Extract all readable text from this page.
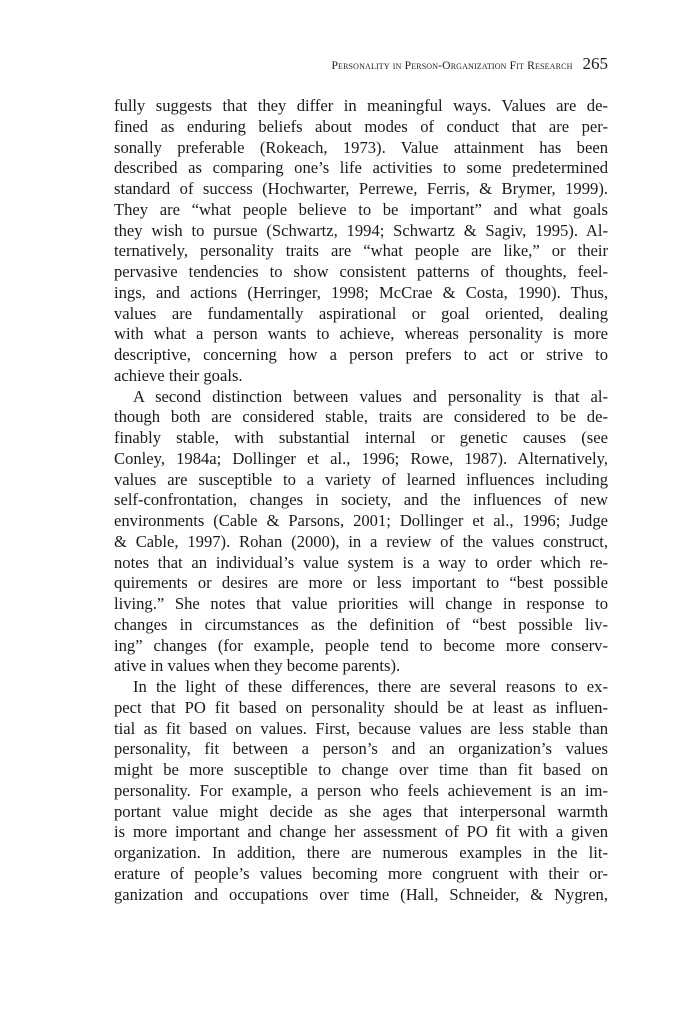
Personality in Person-Organization Fit Research 265
fully suggests that they differ in meaningful ways. Values are de-
fined as enduring beliefs about modes of conduct that are per-
sonally preferable (Rokeach, 1973). Value attainment has been
described as comparing one’s life activities to some predetermined
standard of success (Hochwarter, Perrewe, Ferris, & Brymer, 1999).
They are “what people believe to be important” and what goals
they wish to pursue (Schwartz, 1994; Schwartz & Sagiv, 1995). Al-
ternatively, personality traits are “what people are like,” or their
pervasive tendencies to show consistent patterns of thoughts, feel-
ings, and actions (Herringer, 1998; McCrae & Costa, 1990). Thus,
values are fundamentally aspirational or goal oriented, dealing
with what a person wants to achieve, whereas personality is more
descriptive, concerning how a person prefers to act or strive to
achieve their goals.
A second distinction between values and personality is that al-
though both are considered stable, traits are considered to be de-
finably stable, with substantial internal or genetic causes (see
Conley, 1984a; Dollinger et al., 1996; Rowe, 1987). Alternatively,
values are susceptible to a variety of learned influences including
self-confrontation, changes in society, and the influences of new
environments (Cable & Parsons, 2001; Dollinger et al., 1996; Judge
& Cable, 1997). Rohan (2000), in a review of the values construct,
notes that an individual’s value system is a way to order which re-
quirements or desires are more or less important to “best possible
living.” She notes that value priorities will change in response to
changes in circumstances as the definition of “best possible liv-
ing” changes (for example, people tend to become more conserv-
ative in values when they become parents).
In the light of these differences, there are several reasons to ex-
pect that PO fit based on personality should be at least as influen-
tial as fit based on values. First, because values are less stable than
personality, fit between a person’s and an organization’s values
might be more susceptible to change over time than fit based on
personality. For example, a person who feels achievement is an im-
portant value might decide as she ages that interpersonal warmth
is more important and change her assessment of PO fit with a given
organization. In addition, there are numerous examples in the lit-
erature of people’s values becoming more congruent with their or-
ganization and occupations over time (Hall, Schneider, & Nygren,
